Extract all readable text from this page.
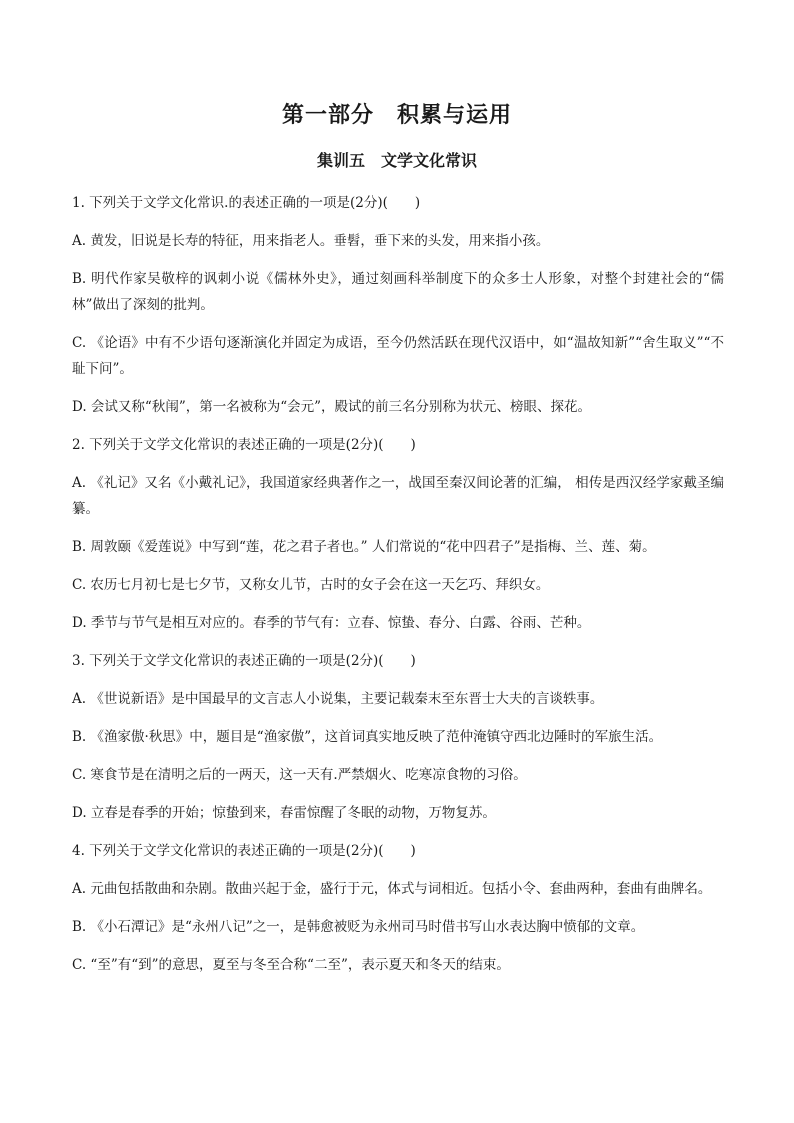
第一部分　积累与运用
集训五　文学文化常识

1. 下列关于文学文化常识.的表述正确的一项是(2分)(　　)

A. 黄发，旧说是长寿的特征，用来指老人。垂髫，垂下来的头发，用来指小孩。

B. 明代作家吴敬梓的讽刺小说《儒林外史》，通过刻画科举制度下的众多士人形象，对整个封建社会的“儒林”做出了深刻的批判。

C. 《论语》中有不少语句逐渐演化并固定为成语，至今仍然活跃在现代汉语中，如“温故知新”“舍生取义”“不耻下问”。

D. 会试又称“秋闱”，第一名被称为“会元”，殿试的前三名分别称为状元、榜眼、探花。

2. 下列关于文学文化常识的表述正确的一项是(2分)(　　)

A. 《礼记》又名《小戴礼记》，我国道家经典著作之一，战国至秦汉间论著的汇编， 相传是西汉经学家戴圣编纂。

B. 周敦颐《爱莲说》中写到“莲，花之君子者也。” 人们常说的“花中四君子”是指梅、兰、莲、菊。

C. 农历七月初七是七夕节，又称女儿节，古时的女子会在这一天乞巧、拜织女。

D. 季节与节气是相互对应的。春季的节气有：立春、惊蛰、春分、白露、谷雨、芒种。

3. 下列关于文学文化常识的表述正确的一项是(2分)(　　)

A. 《世说新语》是中国最早的文言志人小说集，主要记载秦末至东晋士大夫的言谈轶事。

B. 《渔家傲·秋思》中，题目是“渔家傲”，这首词真实地反映了范仲淹镇守西北边陲时的军旅生活。

C. 寒食节是在清明之后的一两天，这一天有.严禁烟火、吃寒凉食物的习俗。

D. 立春是春季的开始；惊蛰到来，春雷惊醒了冬眠的动物，万物复苏。

4. 下列关于文学文化常识的表述正确的一项是(2分)(　　)

A. 元曲包括散曲和杂剧。散曲兴起于金，盛行于元，体式与词相近。包括小令、套曲两种，套曲有曲牌名。

B. 《小石潭记》是“永州八记”之一，是韩愈被贬为永州司马时借书写山水表达胸中愤郁的文章。

C. “至”有“到”的意思，夏至与冬至合称“二至”，表示夏天和冬天的结束。
